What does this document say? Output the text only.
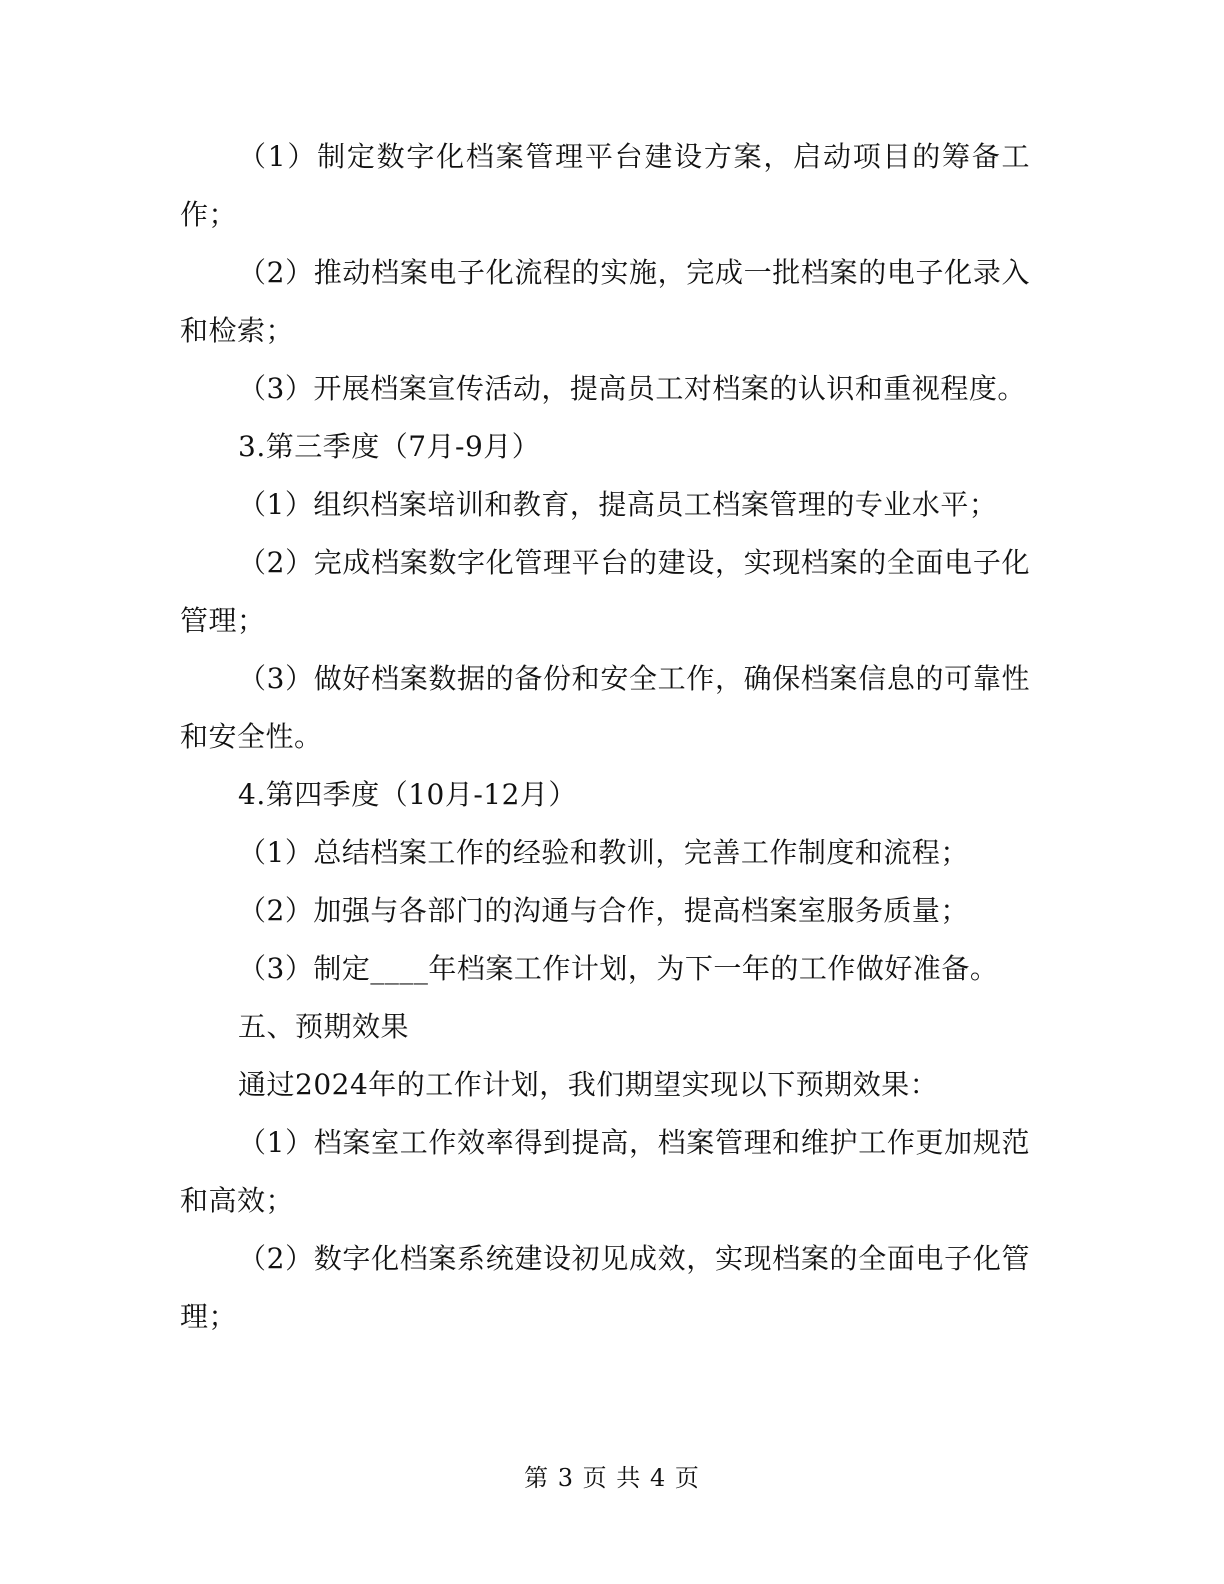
（1）制定数字化档案管理平台建设方案，启动项目的筹备工作；

（2）推动档案电子化流程的实施，完成一批档案的电子化录入和检索；

（3）开展档案宣传活动，提高员工对档案的认识和重视程度。

3.第三季度（7月-9月）

（1）组织档案培训和教育，提高员工档案管理的专业水平；

（2）完成档案数字化管理平台的建设，实现档案的全面电子化管理；

（3）做好档案数据的备份和安全工作，确保档案信息的可靠性和安全性。

4.第四季度（10月-12月）

（1）总结档案工作的经验和教训，完善工作制度和流程；

（2）加强与各部门的沟通与合作，提高档案室服务质量；

（3）制定____年档案工作计划，为下一年的工作做好准备。

五、预期效果

通过2024年的工作计划，我们期望实现以下预期效果：

（1）档案室工作效率得到提高，档案管理和维护工作更加规范和高效；

（2）数字化档案系统建设初见成效，实现档案的全面电子化管理；

第 3 页 共 4 页
